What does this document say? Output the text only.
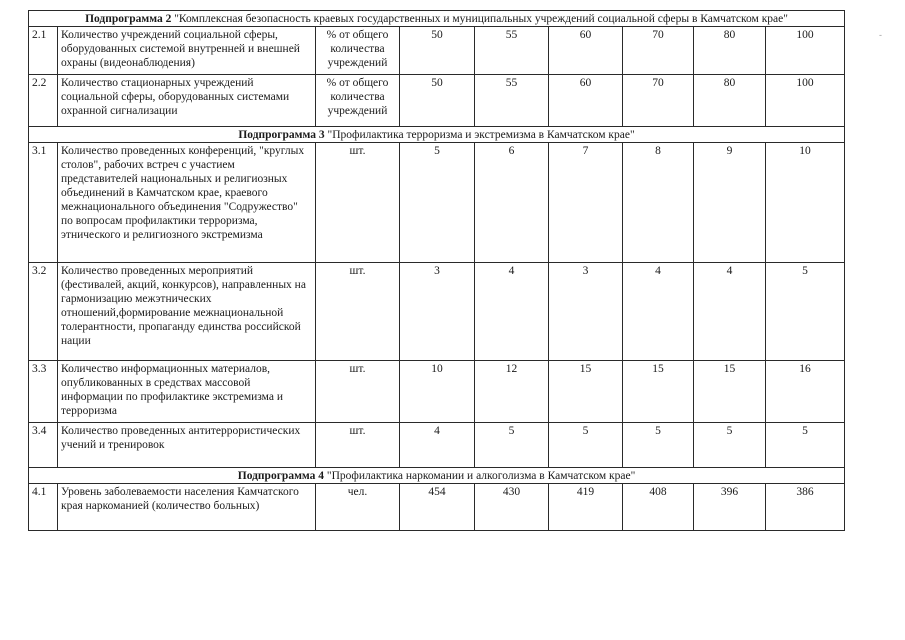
Подпрограмма 2 "Комплексная безопасность краевых государственных и муниципальных учреждений социальной сферы в Камчатском крае"								
2.1	Количество учреждений социальной сферы, оборудованных системой внутренней и внешней охраны (видеонаблюдения)	% от общего количества учреждений	50	55	60	70	80	100
2.2	Количество стационарных учреждений социальной сферы, оборудованных системами охранной сигнализации	% от общего количества учреждений	50	55	60	70	80	100
Подпрограмма 3 "Профилактика терроризма и экстремизма в Камчатском крае"								
3.1	Количество проведенных конференций, "круглых столов", рабочих встреч с участием представителей национальных и религиозных объединений в Камчатском крае, краевого межнационального объединения "Содружество" по вопросам профилактики терроризма, этнического и религиозного экстремизма	шт.	5	6	7	8	9	10
3.2	Количество проведенных мероприятий (фестивалей, акций, конкурсов), направленных на гармонизацию межэтнических отношений,формирование межнациональной толерантности, пропаганду единства российской нации	шт.	3	4	3	4	4	5
3.3	Количество информационных материалов, опубликованных в средствах массовой информации по профилактике экстремизма и терроризма	шт.	10	12	15	15	15	16
3.4	Количество проведенных антитеррористических учений и тренировок	шт.	4	5	5	5	5	5
Подпрограмма 4 "Профилактика наркомании и алкоголизма в Камчатском крае"								
4.1	Уровень заболеваемости населения Камчатского края наркоманией (количество больных)	чел.	454	430	419	408	396	386
-
